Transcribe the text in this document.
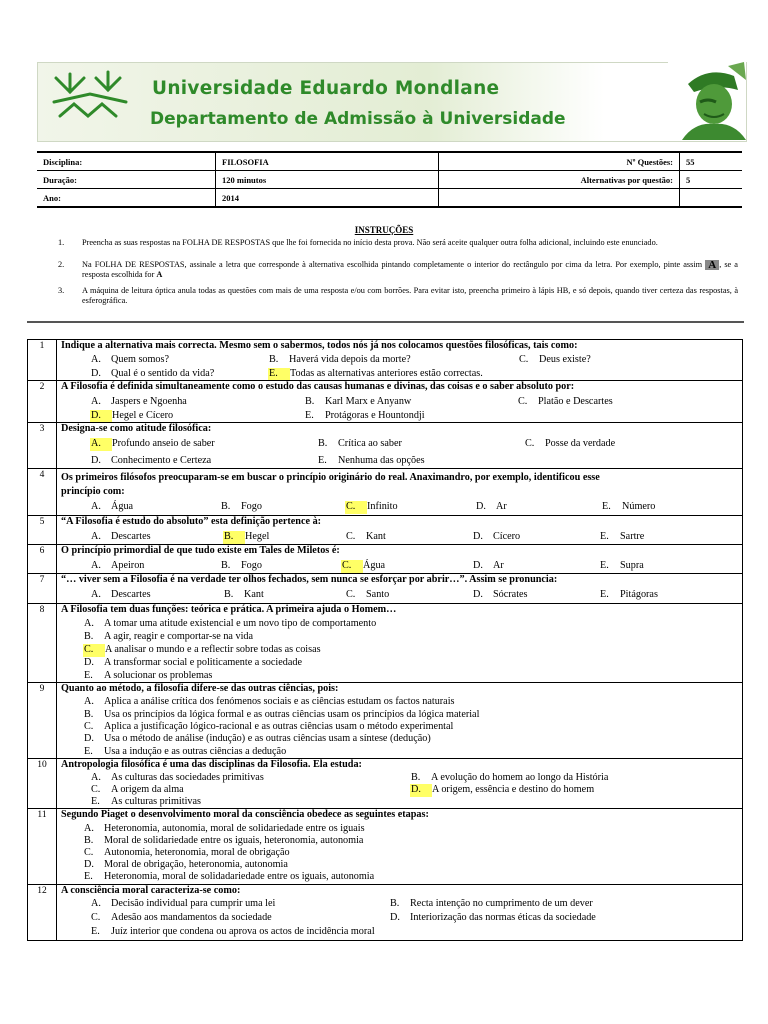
Universidade Eduardo Mondlane
Departamento de Admissão à Universidade
Disciplina:	FILOSOFIA	Nº Questões:	55
Duração:	120 minutos	Alternativas por questão:	5
Ano:	2014		
INSTRUÇÕES
1. Preencha as suas respostas na FOLHA DE RESPOSTAS que lhe foi fornecida no início desta prova. Não será aceite qualquer outra folha adicional, incluindo este enunciado.
2. Na FOLHA DE RESPOSTAS, assinale a letra que corresponde à alternativa escolhida pintando completamente o interior do rectângulo por cima da letra. Por exemplo, pinte assim A , se a resposta escolhida for A
3. A máquina de leitura óptica anula todas as questões com mais de uma resposta e/ou com borrões. Para evitar isto, preencha primeiro à lápis HB, e só depois, quando tiver certeza das respostas, à esferográfica.
1	Indique a alternativa mais correcta. Mesmo sem o sabermos, todos nós já nos colocamos questões filosóficas, tais como:
A. Quem somos?	B. Haverá vida depois da morte?	C. Deus existe?
D. Qual é o sentido da vida?	E. Todas as alternativas anteriores estão correctas.
2	A Filosofia é definida simultaneamente como o estudo das causas humanas e divinas, das coisas e o saber absoluto por:
A. Jaspers e Ngoenha	B. Karl Marx e Anyanw	C. Platão e Descartes
D. Hegel e Cícero	E. Protágoras e Hountondji
3	Designa-se como atitude filosófica:
A. Profundo anseio de saber	B. Crítica ao saber	C. Posse da verdade
D. Conhecimento e Certeza	E. Nenhuma das opções
4	Os primeiros filósofos preocuparam-se em buscar o princípio originário do real. Anaximandro, por exemplo, identificou esse
princípio com:
A. Água	B. Fogo	C. Infinito	D. Ar	E. Número
5	“A Filosofia é estudo do absoluto” esta definição pertence à:
A. Descartes	B. Hegel	C. Kant	D. Cícero	E. Sartre
6	O princípio primordial de que tudo existe em Tales de Miletos é:
A. Apeiron	B. Fogo	C. Água	D. Ar	E. Supra
7	“… viver sem a Filosofia é na verdade ter olhos fechados, sem nunca se esforçar por abrir…”. Assim se pronuncia:
A. Descartes	B. Kant	C. Santo	D. Sócrates	E. Pitágoras
8	A Filosofia tem duas funções: teórica e prática. A primeira ajuda o Homem…
A. A tomar uma atitude existencial e um novo tipo de comportamento
B. A agir, reagir e comportar-se na vida
C. A analisar o mundo e a reflectir sobre todas as coisas
D. A transformar social e politicamente a sociedade
E. A solucionar os problemas
9	Quanto ao método, a filosofia difere-se das outras ciências, pois:
A. Aplica a análise crítica dos fenómenos sociais e as ciências estudam os factos naturais
B. Usa os princípios da lógica formal e as outras ciências usam os princípios da lógica material
C. Aplica a justificação lógico-racional e as outras ciências usam o método experimental
D. Usa o método de análise (indução) e as outras ciências usam a síntese (dedução)
E. Usa a indução e as outras ciências a dedução
10	Antropologia filosófica é uma das disciplinas da Filosofia. Ela estuda:
A. As culturas das sociedades primitivas	B. A evolução do homem ao longo da História
C. A origem da alma	D. A origem, essência e destino do homem
E. As culturas primitivas
11	Segundo Piaget o desenvolvimento moral da consciência obedece as seguintes etapas:
A. Heteronomia, autonomia, moral de solidariedade entre os iguais
B. Moral de solidariedade entre os iguais, heteronomia, autonomia
C. Autonomia, heteronomia, moral de obrigação
D. Moral de obrigação, heteronomia, autonomia
E. Heteronomia, moral de solidadariedade entre os iguais, autonomia
12	A consciência moral caracteriza-se como:
A. Decisão individual para cumprir uma lei	B. Recta intenção no cumprimento de um dever
C. Adesão aos mandamentos da sociedade	D. Interiorização das normas éticas da sociedade
E. Juíz interior que condena ou aprova os actos de incidência moral
